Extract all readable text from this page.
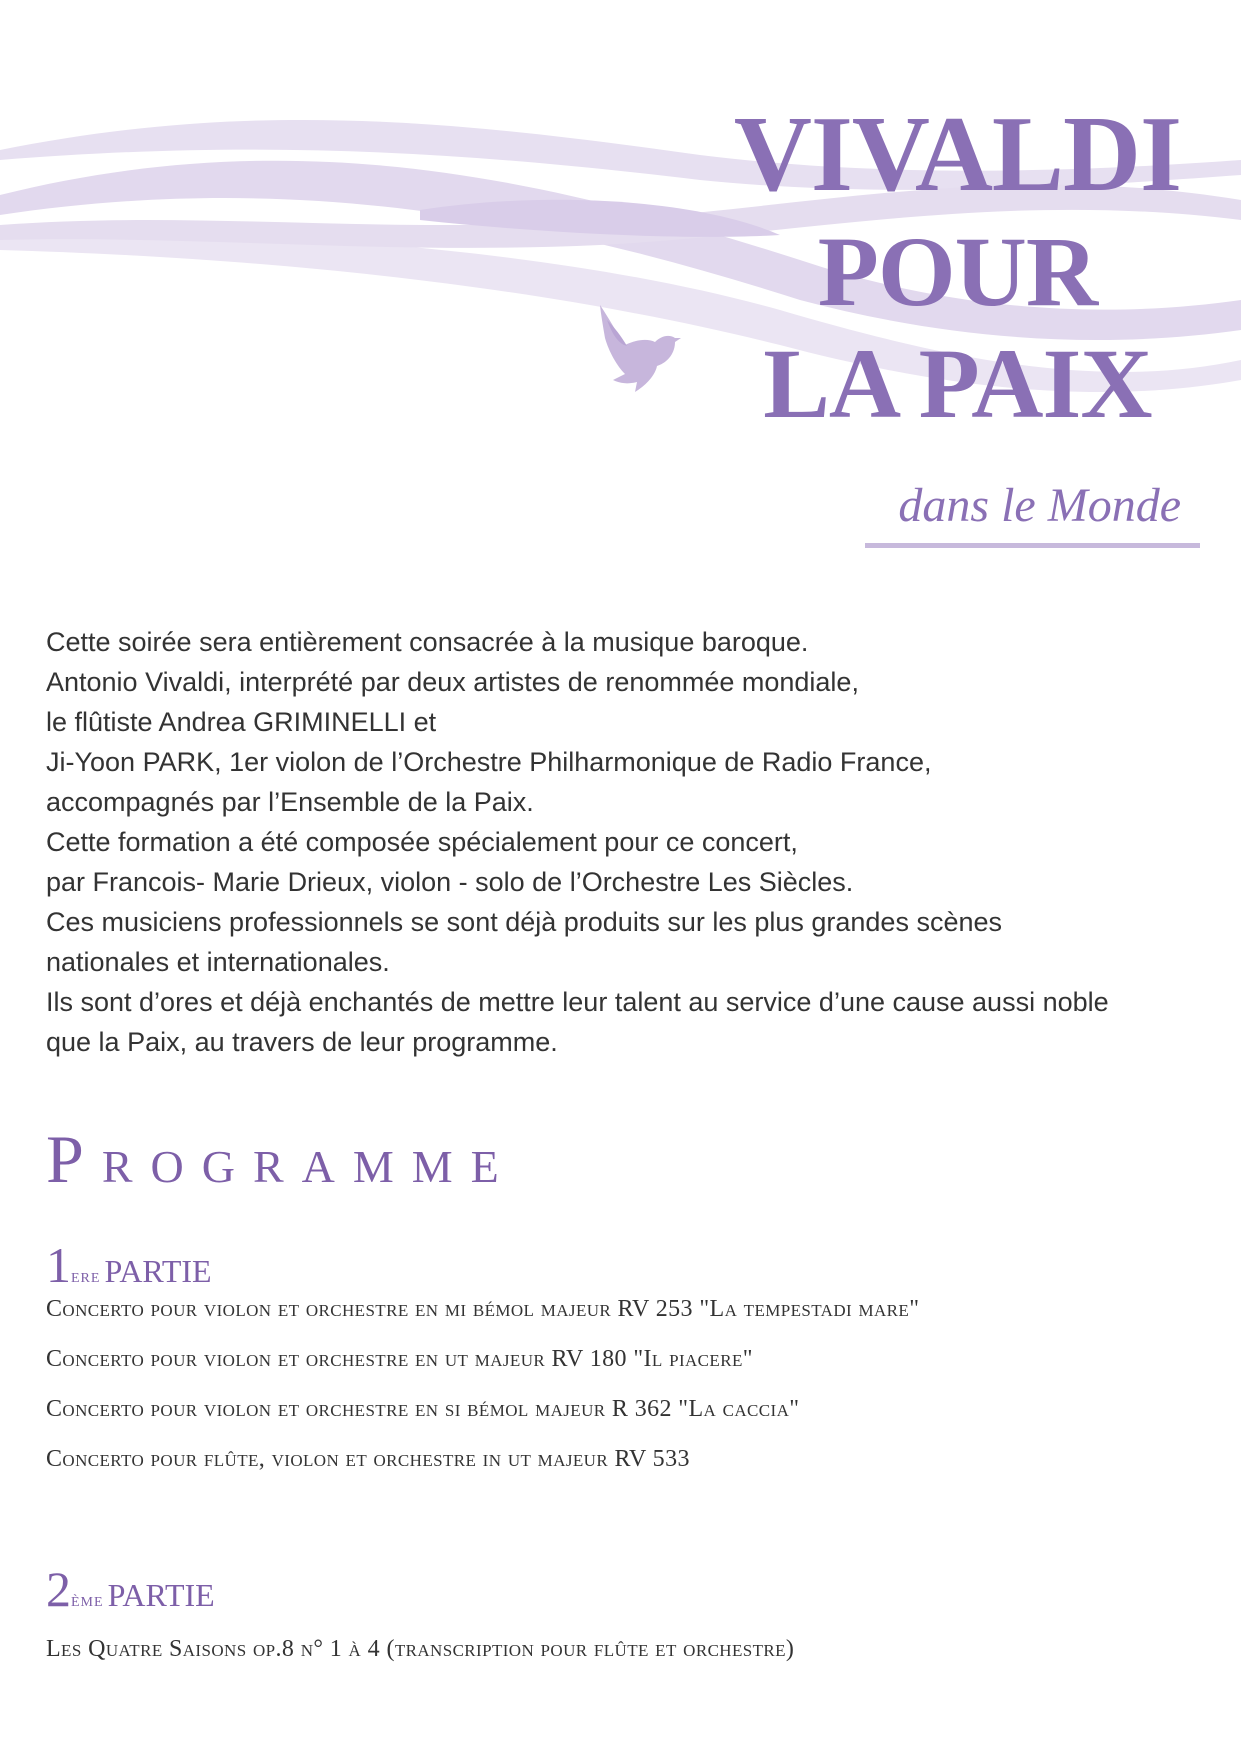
VIVALDI
POUR
LA PAIX
dans le Monde

Cette soirée sera entièrement consacrée à la musique baroque.

Antonio Vivaldi, interprété par deux artistes de renommée mondiale,

le flûtiste Andrea GRIMINELLI et

Ji-Yoon PARK, 1er violon de l’Orchestre Philharmonique de Radio France,

accompagnés par l’Ensemble de la Paix.

Cette formation a été composée spécialement pour ce concert,

par Francois- Marie Drieux, violon - solo de l’Orchestre Les Siècles.

Ces musiciens professionnels se sont déjà produits sur les plus grandes scènes

nationales et internationales.

Ils sont d’ores et déjà enchantés de mettre leur talent au service d’une cause aussi noble

que la Paix, au travers de leur programme.

PROGRAMME
1ERE PARTIE
Concerto pour violon et orchestre en mi bémol majeur RV 253 "La tempestadi mare"
Concerto pour violon et orchestre en ut majeur RV 180 "Il piacere"
Concerto pour violon et orchestre en si bémol majeur R 362 "La caccia"
Concerto pour flûte, violon et orchestre in ut majeur RV 533
2ÈME PARTIE
Les Quatre Saisons op.8 n° 1 à 4 (transcription pour flûte et orchestre)
